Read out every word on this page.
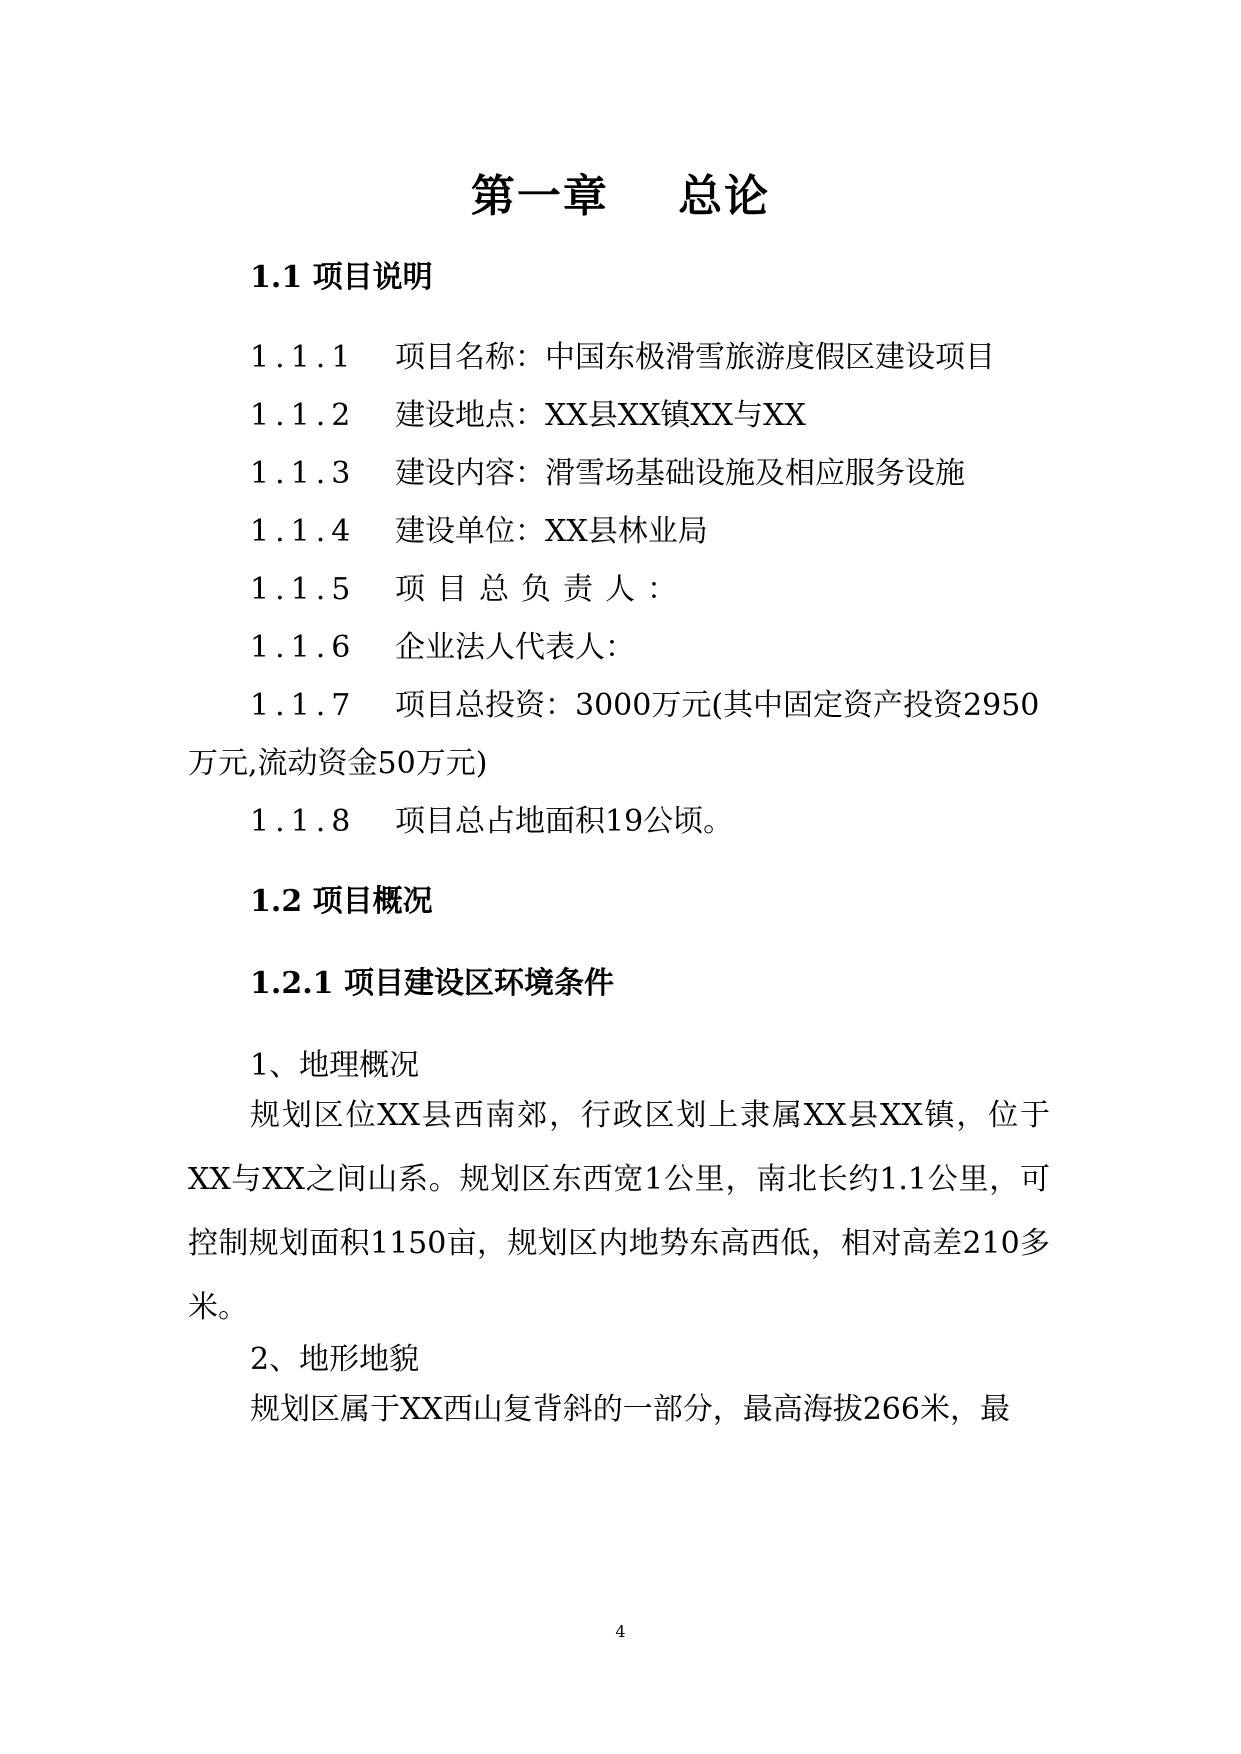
第一章    总论
1.1 项目说明
1.1.1 项目名称：中国东极滑雪旅游度假区建设项目
1.1.2 建设地点：XX县XX镇XX与XX
1.1.3 建设内容：滑雪场基础设施及相应服务设施
1.1.4 建设单位：XX县林业局
1.1.5 项目总负责人：
1.1.6 企业法人代表人：
1.1.7 项目总投资：3000万元(其中固定资产投资2950
万元,流动资金50万元)
1.1.8 项目总占地面积19公顷。
1.2 项目概况
1.2.1 项目建设区环境条件
1、地理概况
规划区位XX县西南郊，行政区划上隶属XX县XX镇，位于XX与XX之间山系。规划区东西宽1公里，南北长约1.1公里，可控制规划面积1150亩，规划区内地势东高西低，相对高差210多米。
2、地形地貌
规划区属于XX西山复背斜的一部分，最高海拔266米，最
4
